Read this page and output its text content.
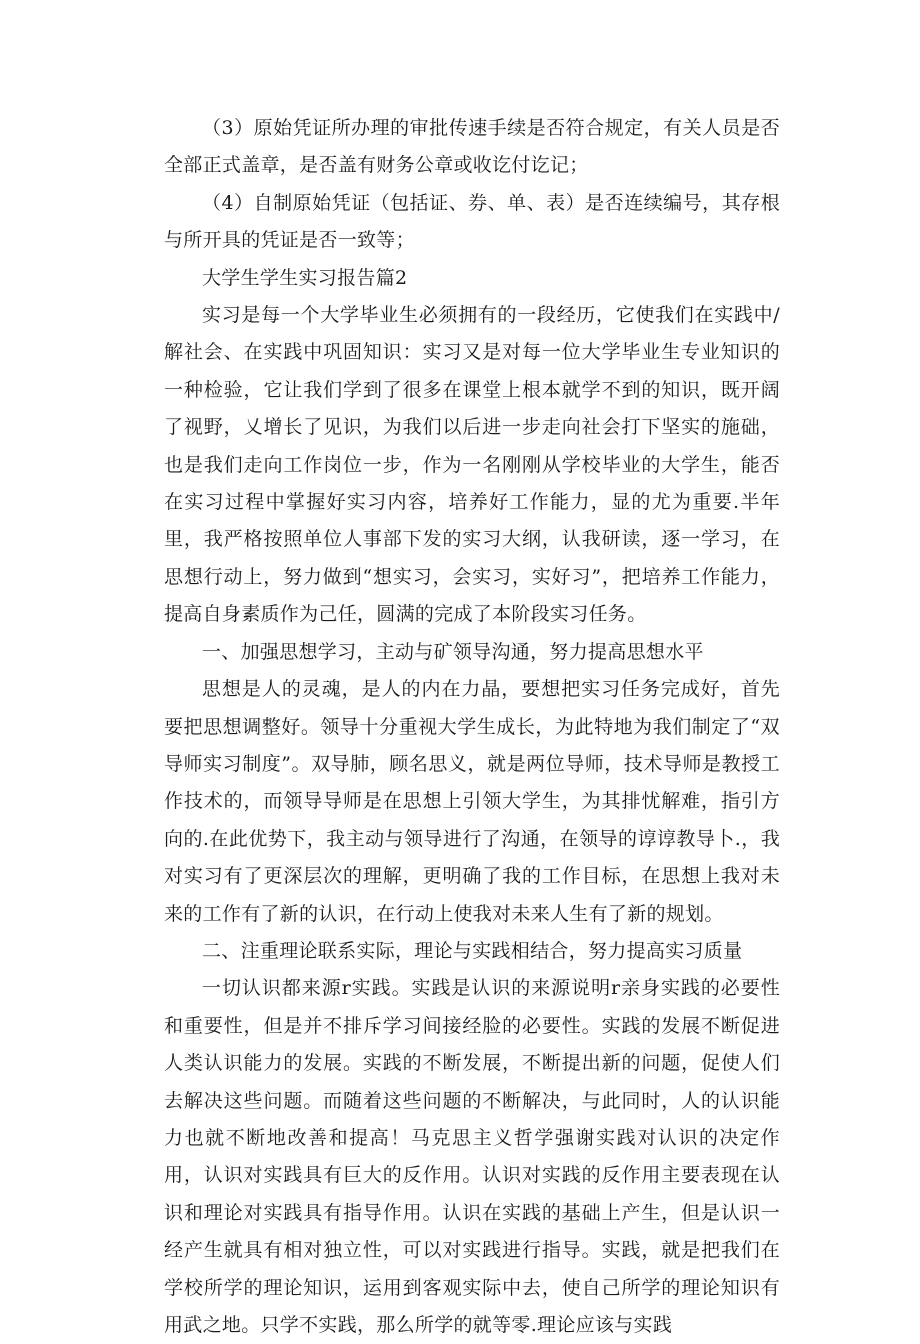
（3）原始凭证所办理的审批传速手续是否符合规定，有关人员是否全部正式盖章，是否盖有财务公章或收讫付讫记；

（4）自制原始凭证（包括证、券、单、表）是否连续编号，其存根与所开具的凭证是否一致等；

大学生学生实习报告篇2

实习是每一个大学毕业生必须拥有的一段经历，它使我们在实践中/解社会、在实践中巩固知识：实习又是对每一位大学毕业生专业知识的一种检验，它让我们学到了很多在课堂上根本就学不到的知识，既开阔了视野，乂增长了见识，为我们以后进一步走向社会打下坚实的施础，也是我们走向工作岗位一步，作为一名刚刚从学校毕业的大学生，能否在实习过程中掌握好实习内容，培养好工作能力，显的尤为重要.半年里，我严格按照单位人事部下发的实习大纲，认我研读，逐一学习，在思想行动上，努力做到“想实习，会实习，实好习”，把培养工作能力，提高自身素质作为己任，圆满的完成了本阶段实习任务。

一、加强思想学习，主动与矿领导沟通，努力提高思想水平

思想是人的灵魂，是人的内在力晶，要想把实习任务完成好，首先要把思想调整好。领导十分重视大学生成长，为此特地为我们制定了“双导师实习制度”。双导肺，顾名思义，就是两位导师，技术导师是教授工作技术的，而领导导师是在思想上引领大学生，为其排忧解难，指引方向的.在此优势下，我主动与领导进行了沟通，在领导的谆谆教导卜.，我对实习有了更深层次的理解，更明确了我的工作目标，在思想上我对未来的工作有了新的认识，在行动上使我对未来人生有了新的规划。

二、注重理论联系实际，理论与实践相结合，努力提高实习质量

一切认识都来源r实践。实践是认识的来源说明r亲身实践的必要性和重要性，但是并不排斥学习间接经脸的必要性。实践的发展不断促进人类认识能力的发展。实践的不断发展，不断提出新的问题，促使人们去解决这些问题。而随着这些问题的不断解决，与此同时，人的认识能力也就不断地改善和提高！马克思主义哲学强谢实践对认识的决定作用，认识对实践具有巨大的反作用。认识对实践的反作用主要表现在认识和理论对实践具有指导作用。认识在实践的基础上产生，但是认识一经产生就具有相对独立性，可以对实践进行指导。实践，就是把我们在学校所学的理论知识，运用到客观实际中去，使自己所学的理论知识有用武之地。只学不实践，那么所学的就等零.理论应该与实践
